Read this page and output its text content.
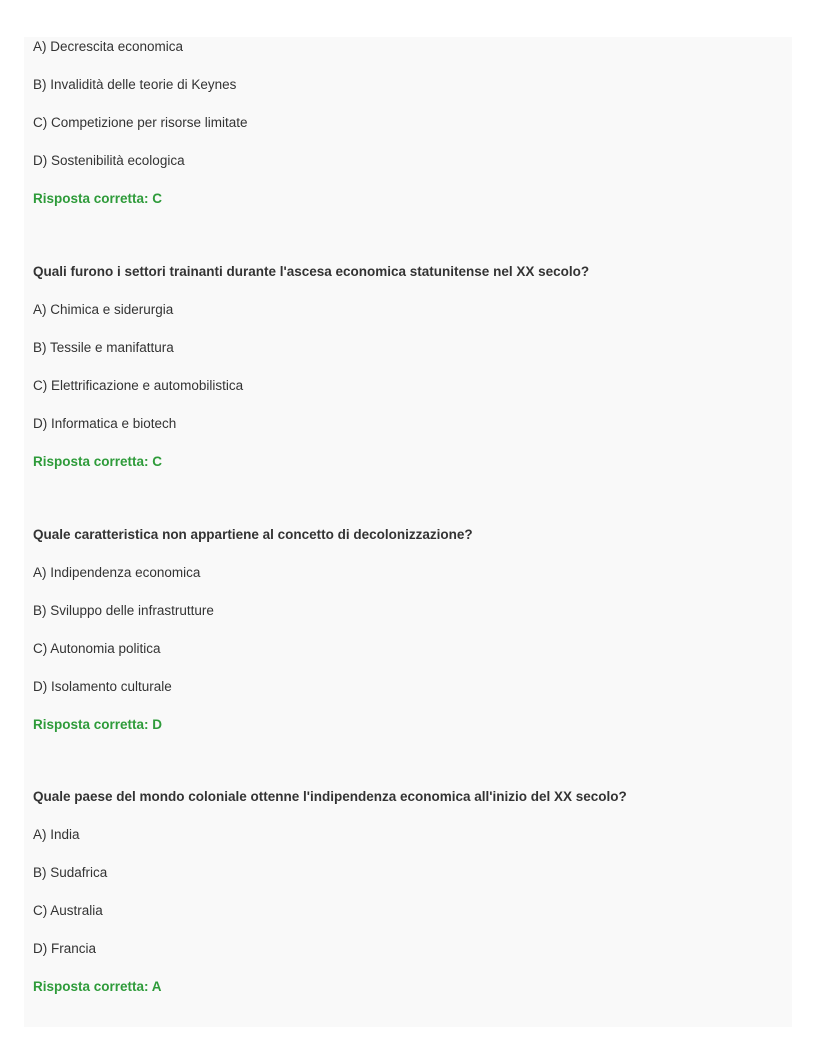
A) Decrescita economica
B) Invalidità delle teorie di Keynes
C) Competizione per risorse limitate
D) Sostenibilità ecologica
Risposta corretta: C
Quali furono i settori trainanti durante l'ascesa economica statunitense nel XX secolo?
A) Chimica e siderurgia
B) Tessile e manifattura
C) Elettrificazione e automobilistica
D) Informatica e biotech
Risposta corretta: C
Quale caratteristica non appartiene al concetto di decolonizzazione?
A) Indipendenza economica
B) Sviluppo delle infrastrutture
C) Autonomia politica
D) Isolamento culturale
Risposta corretta: D
Quale paese del mondo coloniale ottenne l'indipendenza economica all'inizio del XX secolo?
A) India
B) Sudafrica
C) Australia
D) Francia
Risposta corretta: A
